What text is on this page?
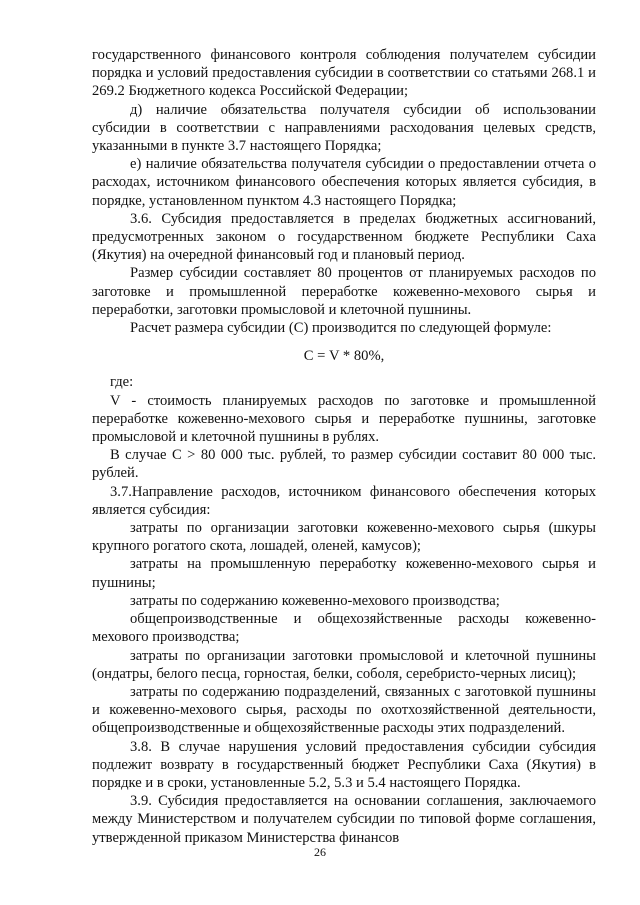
государственного финансового контроля соблюдения получателем субсидии порядка и условий предоставления субсидии в соответствии со статьями 268.1 и 269.2 Бюджетного кодекса Российской Федерации;

д) наличие обязательства получателя субсидии об использовании субсидии в соответствии с направлениями расходования целевых средств, указанными в пункте 3.7 настоящего Порядка;

е) наличие обязательства получателя субсидии о предоставлении отчета о расходах, источником финансового обеспечения которых является субсидия, в порядке, установленном пунктом 4.3 настоящего Порядка;

3.6. Субсидия предоставляется в пределах бюджетных ассигнований, предусмотренных законом о государственном бюджете Республики Саха (Якутия) на очередной финансовый год и плановый период.

Размер субсидии составляет 80 процентов от планируемых расходов по заготовке и промышленной переработке кожевенно-мехового сырья и переработки, заготовки промысловой и клеточной пушнины.

Расчет размера субсидии (С) производится по следующей формуле:

С = V * 80%,

где:

V - стоимость планируемых расходов по заготовке и промышленной переработке кожевенно-мехового сырья и переработке пушнины, заготовке промысловой и клеточной пушнины в рублях.

В случае С > 80 000 тыс. рублей, то размер субсидии составит 80 000 тыс. рублей.

3.7.Направление расходов, источником финансового обеспечения которых является субсидия:

затраты по организации заготовки кожевенно-мехового сырья (шкуры крупного рогатого скота, лошадей, оленей, камусов);

затраты на промышленную переработку кожевенно-мехового сырья и пушнины;

затраты по содержанию кожевенно-мехового производства;

общепроизводственные и общехозяйственные расходы кожевенно-мехового производства;

затраты по организации заготовки промысловой и клеточной пушнины (ондатры, белого песца, горностая, белки, соболя, серебристо-черных лисиц);

затраты по содержанию подразделений, связанных с заготовкой пушнины и кожевенно-мехового сырья, расходы по охотхозяйственной деятельности, общепроизводственные и общехозяйственные расходы этих подразделений.

3.8. В случае нарушения условий предоставления субсидии субсидия подлежит возврату в государственный бюджет Республики Саха (Якутия) в порядке и в сроки, установленные 5.2, 5.3 и 5.4 настоящего Порядка.

3.9. Субсидия предоставляется на основании соглашения, заключаемого между Министерством и получателем субсидии по типовой форме соглашения, утвержденной приказом Министерства финансов

26
